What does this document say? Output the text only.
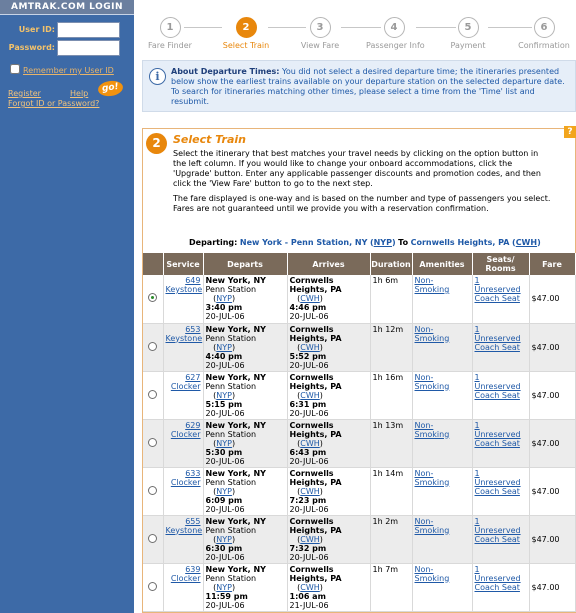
AMTRAK.COM LOGIN
User ID:
Password:
Remember my User ID
Register	Help	go!
Forgot ID or Password?
1
Fare Finder
2
Select Train
3
View Fare
4
Passenger Info
5
Payment
6
Confirmation
i	About Departure Times: You did not select a desired departure time; the itineraries presented below show the earliest trains available on your departure station on the selected departure date. To search for itineraries matching other times, please select a time from the 'Time' list and resubmit.
2	Select Train
Select the itinerary that best matches your travel needs by clicking on the option button in the left column. If you would like to change your onboard accommodations, click the 'Upgrade' button. Enter any applicable passenger discounts and promotion codes, and then click the 'View Fare' button to go to the next step.
The fare displayed is one-way and is based on the number and type of passengers you select. Fares are not guaranteed until we provide you with a reservation confirmation.
Departing: New York - Penn Station, NY (NYP) To Cornwells Heights, PA (CWH)
	Service	Departs	Arrives	Duration	Amenities	Seats/ Rooms	Fare
	649
Keystone	New York, NY
Penn Station
(NYP)
3:40 pm
20-JUL-06	Cornwells Heights, PA
(CWH)
4:46 pm
20-JUL-06	1h 6m	Non-
Smoking	1 Unreserved
Coach Seat	$47.00
	653
Keystone	New York, NY
Penn Station
(NYP)
4:40 pm
20-JUL-06	Cornwells Heights, PA
(CWH)
5:52 pm
20-JUL-06	1h 12m	Non-
Smoking	1 Unreserved
Coach Seat	$47.00
	627
Clocker	New York, NY
Penn Station
(NYP)
5:15 pm
20-JUL-06	Cornwells Heights, PA
(CWH)
6:31 pm
20-JUL-06	1h 16m	Non-
Smoking	1 Unreserved
Coach Seat	$47.00
	629
Clocker	New York, NY
Penn Station
(NYP)
5:30 pm
20-JUL-06	Cornwells Heights, PA
(CWH)
6:43 pm
20-JUL-06	1h 13m	Non-
Smoking	1 Unreserved
Coach Seat	$47.00
	633
Clocker	New York, NY
Penn Station
(NYP)
6:09 pm
20-JUL-06	Cornwells Heights, PA
(CWH)
7:23 pm
20-JUL-06	1h 14m	Non-
Smoking	1 Unreserved
Coach Seat	$47.00
	655
Keystone	New York, NY
Penn Station
(NYP)
6:30 pm
20-JUL-06	Cornwells Heights, PA
(CWH)
7:32 pm
20-JUL-06	1h 2m	Non-
Smoking	1 Unreserved
Coach Seat	$47.00
	639
Clocker	New York, NY
Penn Station
(NYP)
11:59 pm
20-JUL-06	Cornwells Heights, PA
(CWH)
1:06 am
21-JUL-06	1h 7m	Non-
Smoking	1 Unreserved
Coach Seat	$47.00
?
